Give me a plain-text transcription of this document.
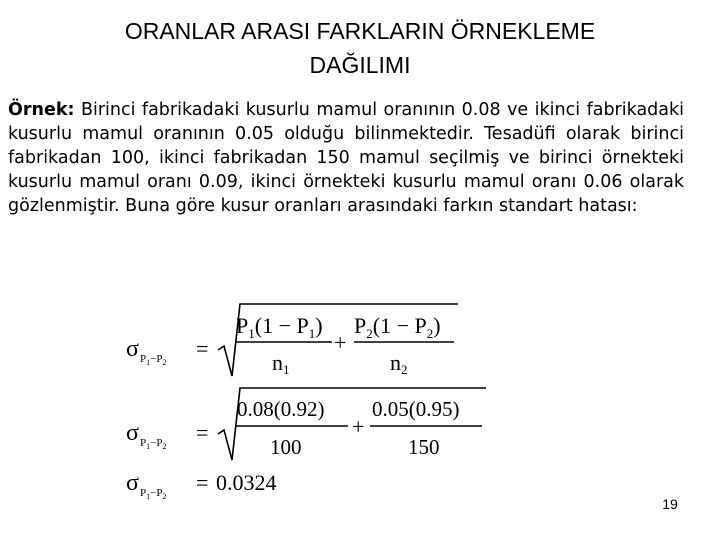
ORANLAR ARASI FARKLARIN ÖRNEKLEME
DAĞILIMI
Örnek: Birinci fabrikadaki kusurlu mamul oranının 0.08 ve ikinci fabrikadaki kusurlu mamul oranının 0.05 olduğu bilinmektedir. Tesadüfi olarak birinci fabrikadan 100, ikinci fabrikadan 150 mamul seçilmiş ve birinci örnekteki kusurlu mamul oranı 0.09, ikinci örnekteki kusurlu mamul oranı 0.06 olarak gözlenmiştir. Buna göre kusur oranları arasındaki farkın standart hatası:
σ $P_1-P_2$
=
$P_1(1 - P_1)$
n1
+
$P_2(1 - P_2)$
n2
σ $P_1-P_2$
=
0.08(0.92)
100
+
0.05(0.95)
150
σ $P_1-P_2$
= 0.0324
19
